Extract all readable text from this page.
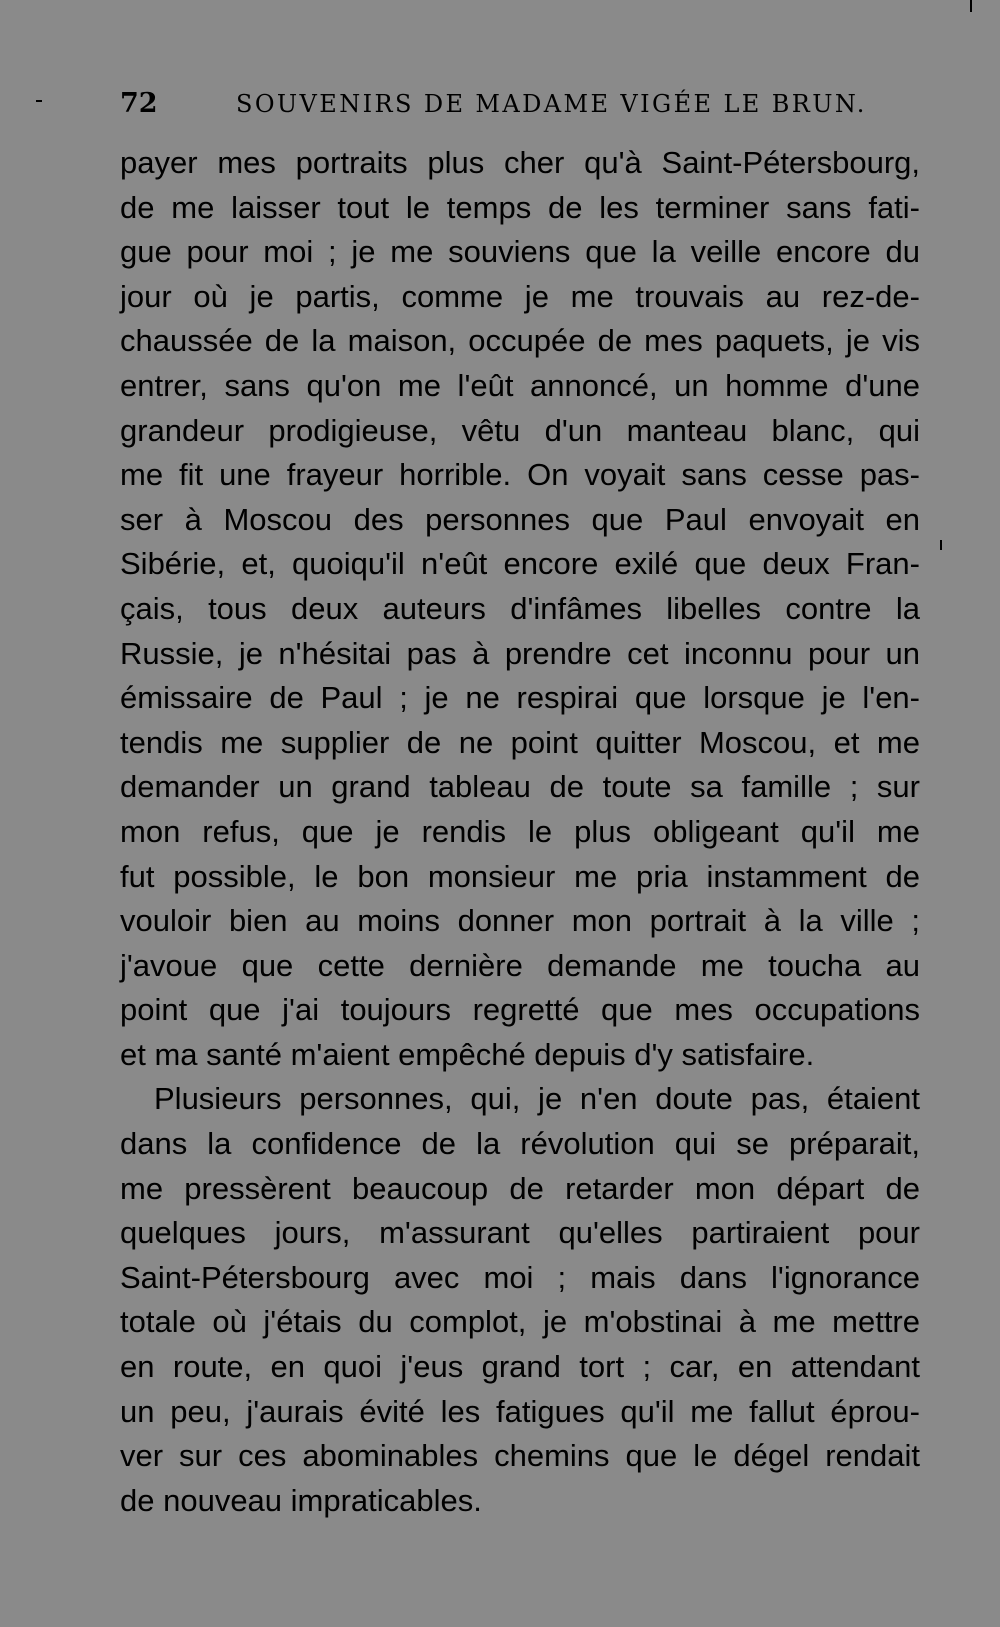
72	SOUVENIRS DE MADAME VIGÉE LE BRUN.
payer mes portraits plus cher qu'à Saint-Pétersbourg,
de me laisser tout le temps de les terminer sans fati-
gue pour moi ; je me souviens que la veille encore du
jour où je partis, comme je me trouvais au rez-de-
chaussée de la maison, occupée de mes paquets, je vis
entrer, sans qu'on me l'eût annoncé, un homme d'une
grandeur prodigieuse, vêtu d'un manteau blanc, qui
me fit une frayeur horrible. On voyait sans cesse pas-
ser à Moscou des personnes que Paul envoyait en
Sibérie, et, quoiqu'il n'eût encore exilé que deux Fran-
çais, tous deux auteurs d'infâmes libelles contre la
Russie, je n'hésitai pas à prendre cet inconnu pour un
émissaire de Paul ; je ne respirai que lorsque je l'en-
tendis me supplier de ne point quitter Moscou, et me
demander un grand tableau de toute sa famille ; sur
mon refus, que je rendis le plus obligeant qu'il me
fut possible, le bon monsieur me pria instamment de
vouloir bien au moins donner mon portrait à la ville ;
j'avoue que cette dernière demande me toucha au
point que j'ai toujours regretté que mes occupations
et ma santé m'aient empêché depuis d'y satisfaire.
Plusieurs personnes, qui, je n'en doute pas, étaient
dans la confidence de la révolution qui se préparait,
me pressèrent beaucoup de retarder mon départ de
quelques jours, m'assurant qu'elles partiraient pour
Saint-Pétersbourg avec moi ; mais dans l'ignorance
totale où j'étais du complot, je m'obstinai à me mettre
en route, en quoi j'eus grand tort ; car, en attendant
un peu, j'aurais évité les fatigues qu'il me fallut éprou-
ver sur ces abominables chemins que le dégel rendait
de nouveau impraticables.
